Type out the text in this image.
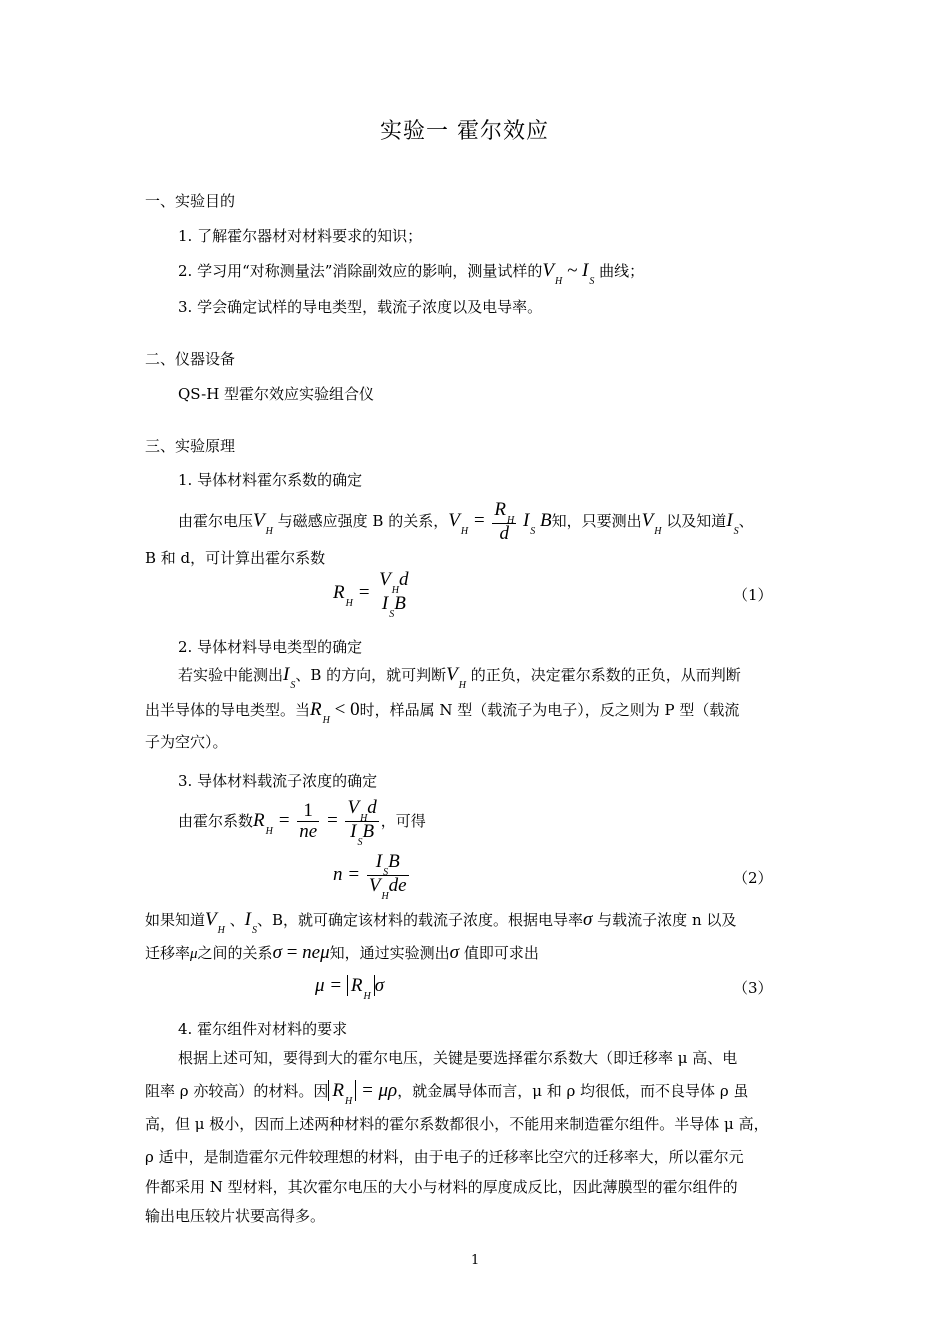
实验一 霍尔效应
一、实验目的
1. 了解霍尔器材对材料要求的知识；
2. 学习用“对称测量法”消除副效应的影响，测量试样的$V_H$ ~ $I_S$ 曲线；
3. 学会确定试样的导电类型，载流子浓度以及电导率。
二、仪器设备
QS-H 型霍尔效应实验组合仪
三、实验原理
1. 导体材料霍尔系数的确定
由霍尔电压$V_H$ 与磁感应强度 B 的关系，$V_H = \frac{R_H}{d} I_S$ B知，只要测出$V_H$ 以及知道$I_S$、
B 和 d，可计算出霍尔系数
$R_H$ =
$V_Hd$
$I_SB$	（1）
2. 导体材料导电类型的确定
若实验中能测出$I_S$、B 的方向，就可判断$V_H$ 的正负，决定霍尔系数的正负，从而判断
出半导体的导电类型。当$R_H < 0$时，样品属 N 型（载流子为电子），反之则为 P 型（载流
子为空穴）。
3. 导体材料载流子浓度的确定
由霍尔系数$R_H = \frac{1}{ne} = \frac{V_Hd}{I_SB}$ ，可得
$n = \frac{I_SB}{V_Hde}$	（2）
如果知道$V_H$ 、$I_S$、B，就可确定该材料的载流子浓度。根据电导率σ 与载流子浓度 n 以及
迁移率μ之间的关系σ = neμ知，通过实验测出σ 值即可求出
$\mu = R_H\sigma$	（3）
4. 霍尔组件对材料的要求
根据上述可知，要得到大的霍尔电压，关键是要选择霍尔系数大（即迁移率 μ 高、电
阻率 ρ 亦较高）的材料。因 $R_H = \mu\rho$，就金属导体而言，μ 和 ρ 均很低，而不良导体 ρ 虽
高，但 μ 极小，因而上述两种材料的霍尔系数都很小，不能用来制造霍尔组件。半导体 μ 高，
ρ 适中，是制造霍尔元件较理想的材料，由于电子的迁移率比空穴的迁移率大，所以霍尔元
件都采用 N 型材料，其次霍尔电压的大小与材料的厚度成反比，因此薄膜型的霍尔组件的
输出电压较片状要高得多。
1
